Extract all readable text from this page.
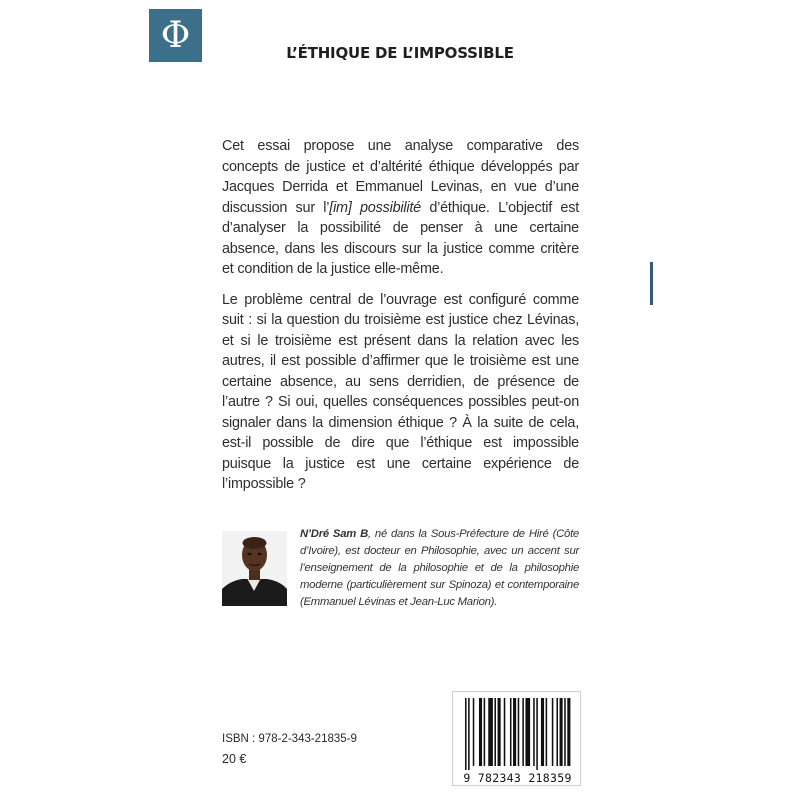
Φ	L’ÉTHIQUE DE L’IMPOSSIBLE

Cet essai propose une analyse comparative des concepts de justice et d’altérité éthique développés par Jacques Derrida et Emmanuel Levinas, en vue d’une discussion sur l’[im] possibilité d’éthique. L’objectif est d’analyser la possibilité de penser à une certaine absence, dans les discours sur la justice comme critère et condition de la justice elle-même.

Le problème central de l’ouvrage est configuré comme suit : si la question du troisième est justice chez Lévinas, et si le troisième est présent dans la relation avec les autres, il est possible d’affirmer que le troisième est une certaine absence, au sens derridien, de présence de l’autre ? Si oui, quelles conséquences possibles peut-on signaler dans la dimension éthique ? À la suite de cela, est-il possible de dire que l’éthique est impossible puisque la justice est une certaine expérience de l’impossible ?

N’Dré Sam B, né dans la Sous-Préfecture de Hiré (Côte d’Ivoire), est docteur en Philosophie, avec un accent sur l’enseignement de la philosophie et de la philosophie moderne (particulièrement sur Spinoza) et contemporaine (Emmanuel Lévinas et Jean-Luc Marion).

ISBN : 978-2-343-21835-9
20 €
9 782343 218359
